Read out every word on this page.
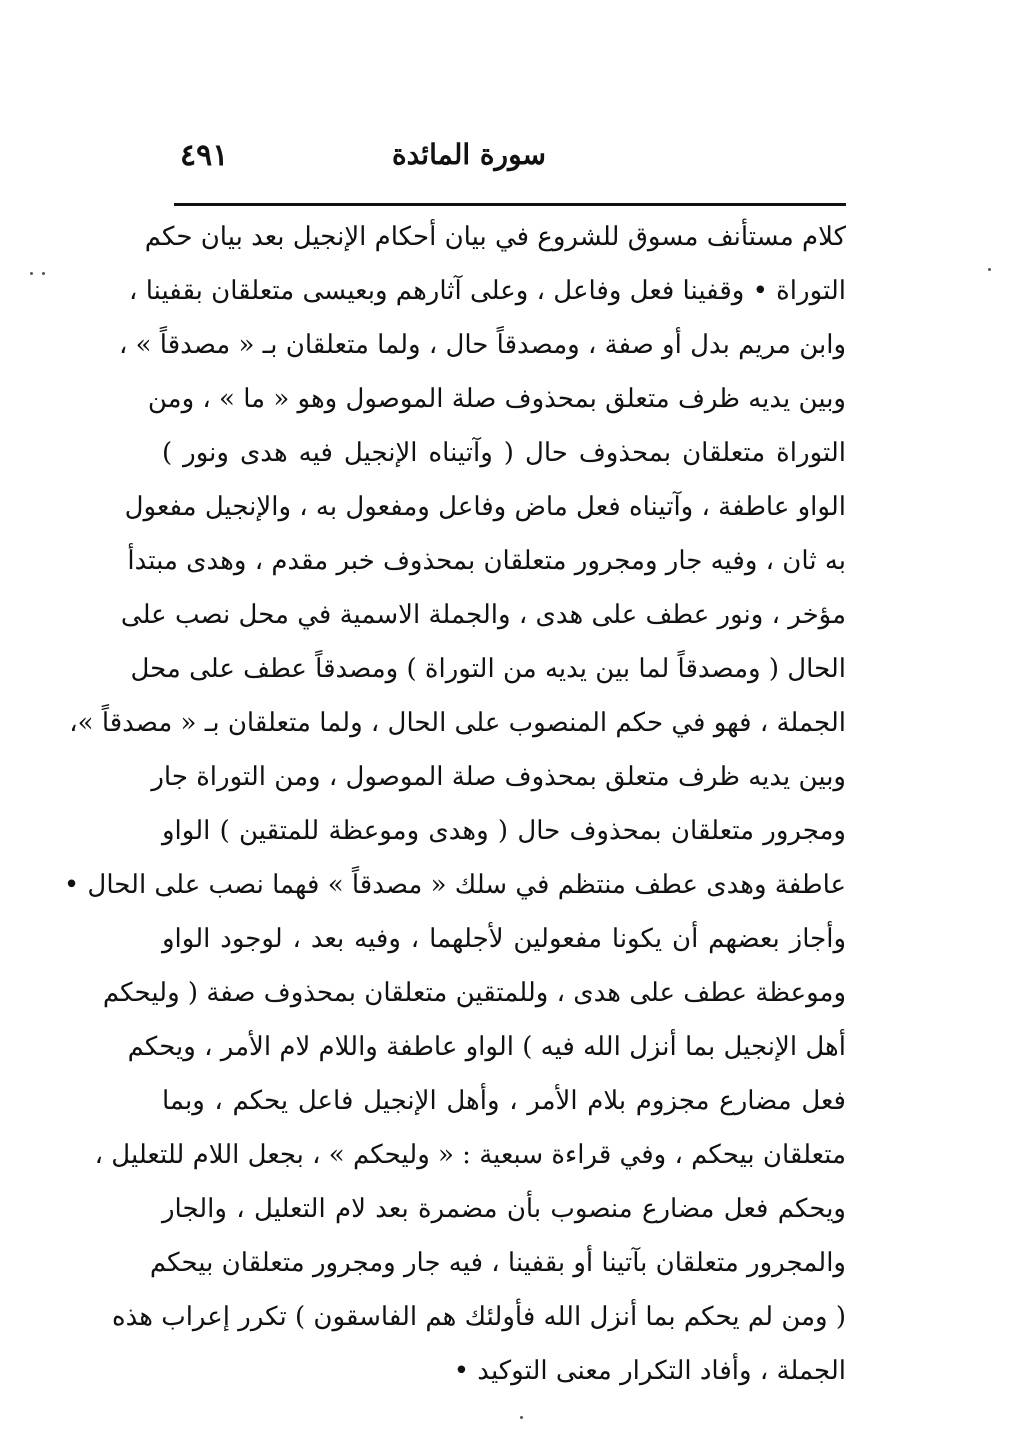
سورة المائدة
٤٩١
كلام مستأنف مسوق للشروع في بيان أحكام الإنجيل بعد بيان حكم
التوراة • وقفينا فعل وفاعل ، وعلى آثارهم وبعيسى متعلقان بقفينا ،
وابن مريم بدل أو صفة ، ومصدقاً حال ، ولما متعلقان بـ « مصدقاً » ،
وبين يديه ظرف متعلق بمحذوف صلة الموصول وهو « ما » ، ومن
التوراة متعلقان بمحذوف حال ( وآتيناه الإنجيل فيه هدى ونور )
الواو عاطفة ، وآتيناه فعل ماض وفاعل ومفعول به ، والإنجيل مفعول
به ثان ، وفيه جار ومجرور متعلقان بمحذوف خبر مقدم ، وهدى مبتدأ
مؤخر ، ونور عطف على هدى ، والجملة الاسمية في محل نصب على
الحال ( ومصدقاً لما بين يديه من التوراة ) ومصدقاً عطف على محل
الجملة ، فهو في حكم المنصوب على الحال ، ولما متعلقان بـ « مصدقاً »،
وبين يديه ظرف متعلق بمحذوف صلة الموصول ، ومن التوراة جار
ومجرور متعلقان بمحذوف حال ( وهدى وموعظة للمتقين ) الواو
عاطفة وهدى عطف منتظم في سلك « مصدقاً » فهما نصب على الحال •
وأجاز بعضهم أن يكونا مفعولين لأجلهما ، وفيه بعد ، لوجود الواو
وموعظة عطف على هدى ، وللمتقين متعلقان بمحذوف صفة ( وليحكم
أهل الإنجيل بما أنزل الله فيه ) الواو عاطفة واللام لام الأمر ، ويحكم
فعل مضارع مجزوم بلام الأمر ، وأهل الإنجيل فاعل يحكم ، وبما
متعلقان بيحكم ، وفي قراءة سبعية : « وليحكم » ، بجعل اللام للتعليل ،
ويحكم فعل مضارع منصوب بأن مضمرة بعد لام التعليل ، والجار
والمجرور متعلقان بآتينا أو بقفينا ، فيه جار ومجرور متعلقان بيحكم
( ومن لم يحكم بما أنزل الله فأولئك هم الفاسقون ) تكرر إعراب هذه
الجملة ، وأفاد التكرار معنى التوكيد •
